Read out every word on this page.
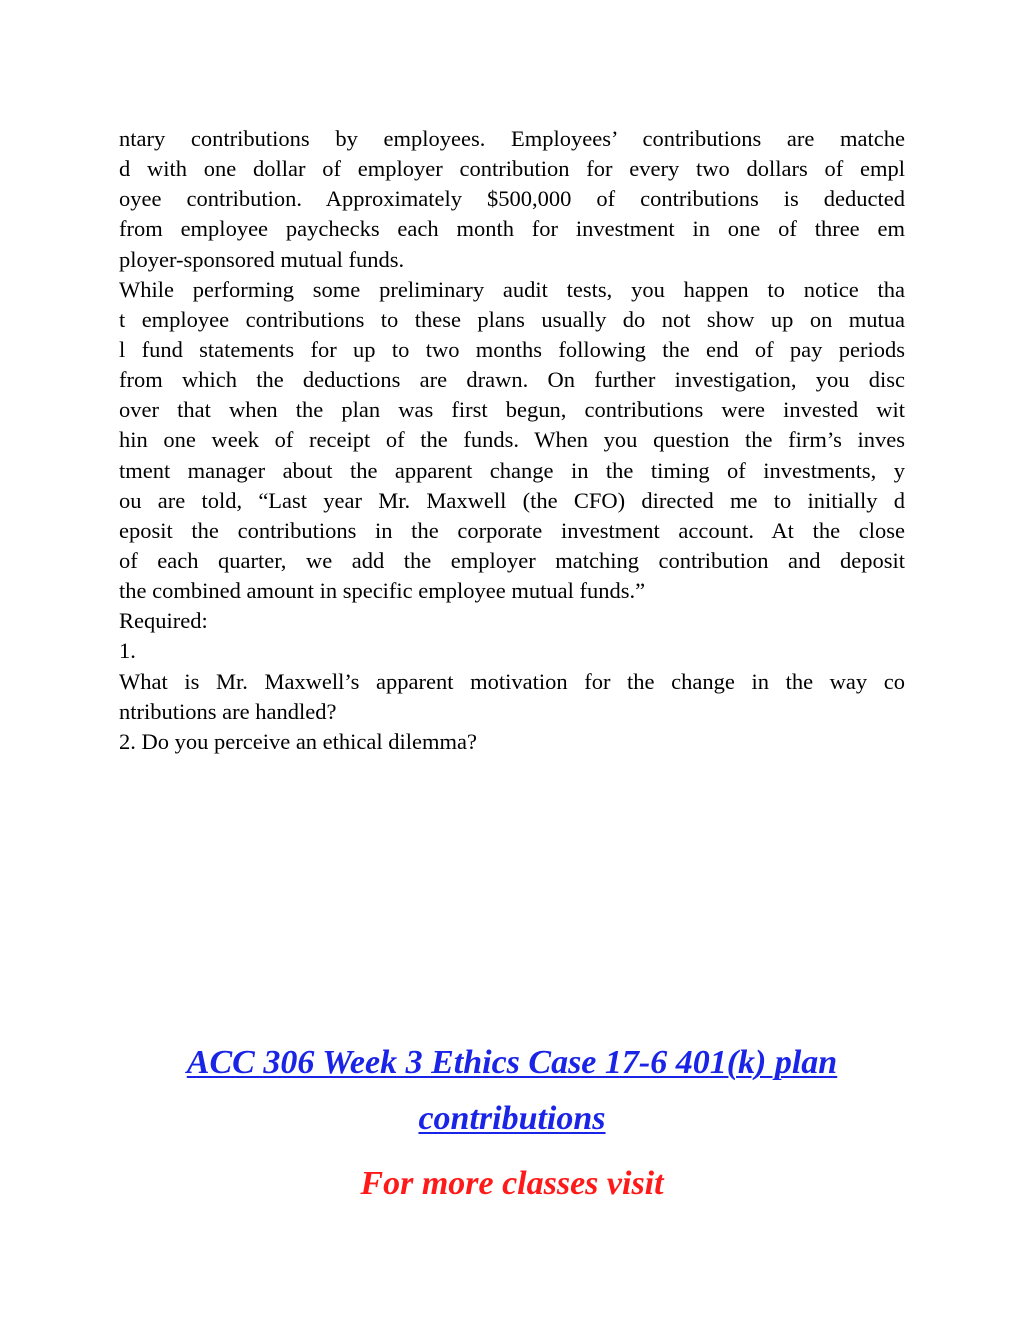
ntary contributions by employees. Employees’ contributions are matche
d with one dollar of employer contribution for every two dollars of empl
oyee contribution. Approximately $500,000 of contributions is deducted
from employee paychecks each month for investment in one of three em
ployer-sponsored mutual funds.
While performing some preliminary audit tests, you happen to notice tha
t employee contributions to these plans usually do not show up on mutua
l fund statements for up to two months following the end of pay periods
from which the deductions are drawn. On further investigation, you disc
over that when the plan was first begun, contributions were invested wit
hin one week of receipt of the funds. When you question the firm’s inves
tment manager about the apparent change in the timing of investments, y
ou are told, “Last year Mr. Maxwell (the CFO) directed me to initially d
eposit the contributions in the corporate investment account. At the close
of each quarter, we add the employer matching contribution and deposit
the combined amount in specific employee mutual funds.”
Required:
1.
What is Mr. Maxwell’s apparent motivation for the change in the way co
ntributions are handled?
2. Do you perceive an ethical dilemma?
ACC 306 Week 3 Ethics Case 17-6 401(k) plan
contributions
For more classes visit
